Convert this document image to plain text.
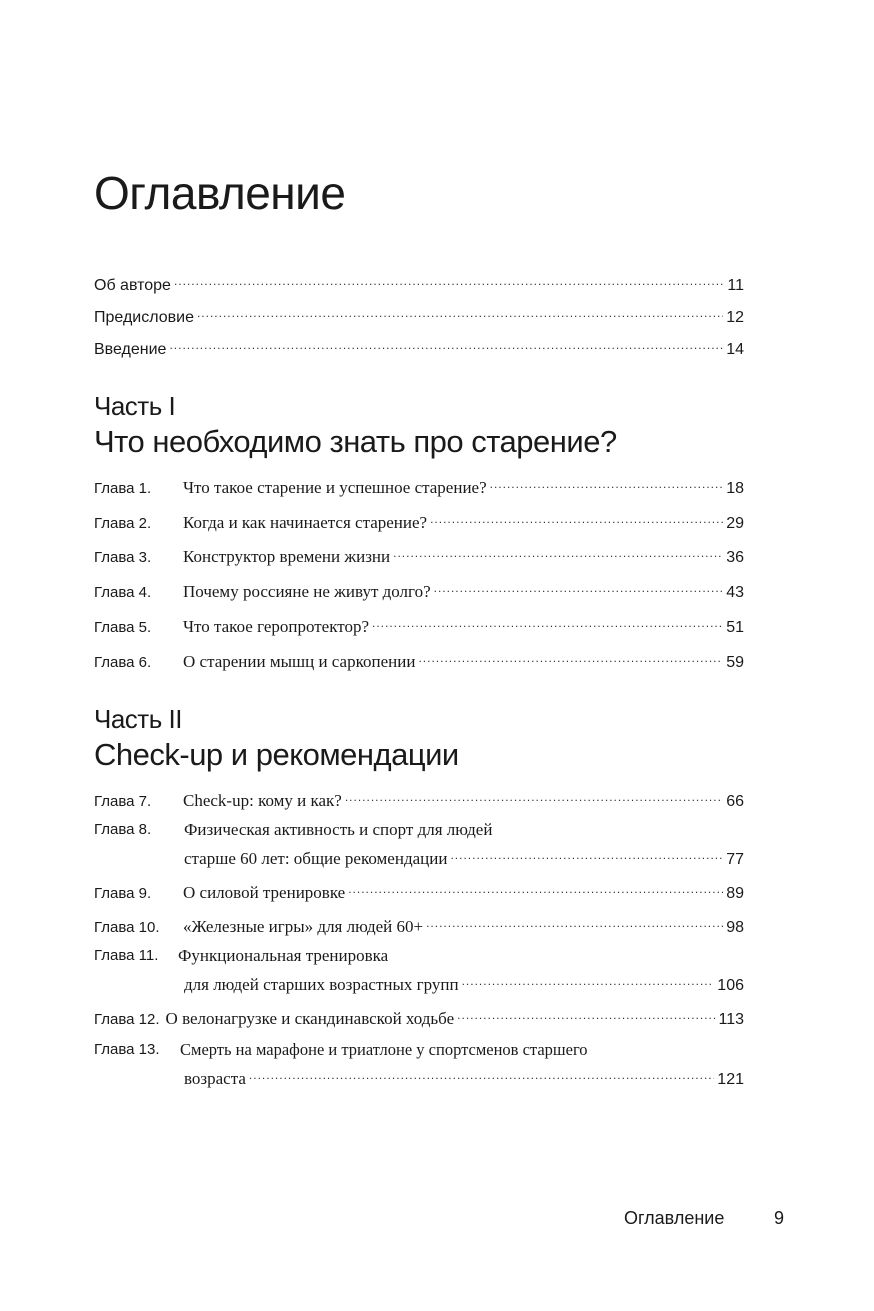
Оглавление
Об авторе .....	11
Предисловие .....	12
Введение .....	14
Часть I
Что необходимо знать про старение?
Глава 1.	Что такое старение и успешное старение? .....	18
Глава 2.	Когда и как начинается старение? .....	29
Глава 3.	Конструктор времени жизни .....	36
Глава 4.	Почему россияне не живут долго? .....	43
Глава 5.	Что такое геропротектор? .....	51
Глава 6.	О старении мышц и саркопении .....	59
Часть II
Check-up и рекомендации
Глава 7.	Check-up: кому и как? .....	66
Глава 8. Физическая активность и спорт для людей
старше 60 лет: общие рекомендации .....	77
Глава 9.	О силовой тренировке .....	89
Глава 10.	«Железные игры» для людей 60+ .....	98
Глава 11. Функциональная тренировка
для людей старших возрастных групп .....	106
Глава 12. О велонагрузке и скандинавской ходьбе .....	113
Глава 13. Смерть на марафоне и триатлоне у спортсменов старшего
возраста .....	121
Оглавление	9
